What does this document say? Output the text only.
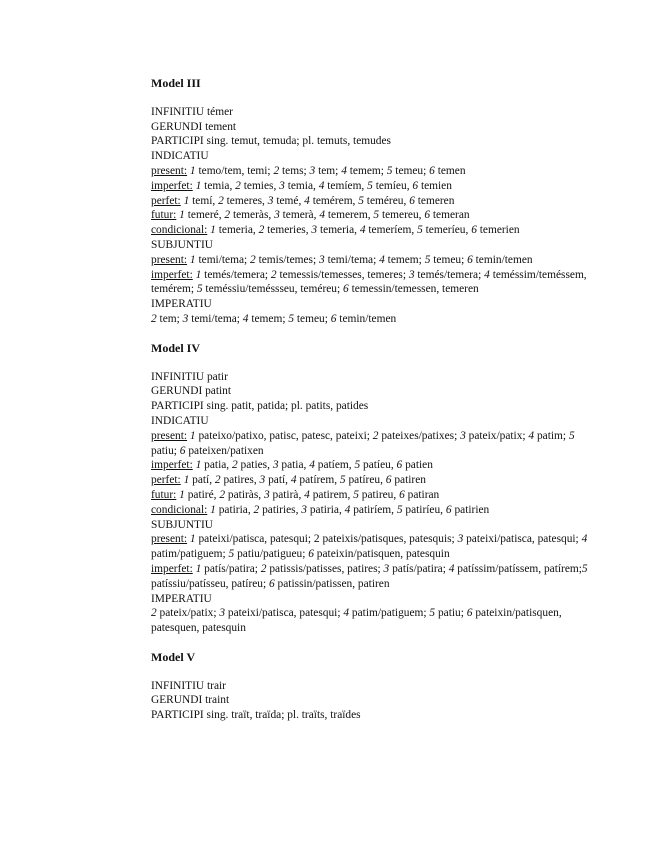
Model III
INFINITIU témer
GERUNDI tement
PARTICIPI sing. temut, temuda; pl. temuts, temudes
INDICATIU
present: 1 temo/tem, temi; 2 tems; 3 tem; 4 temem; 5 temeu; 6 temen
imperfet: 1 temia, 2 temies, 3 temia, 4 temíem, 5 temíeu, 6 temien
perfet: 1 temí, 2 temeres, 3 temé, 4 temérem, 5 teméreu, 6 temeren
futur: 1 temeré, 2 temeràs, 3 temerà, 4 temerem, 5 temereu, 6 temeran
condicional: 1 temeria, 2 temeries, 3 temeria, 4 temeríem, 5 temeríeu, 6 temerien
SUBJUNTIU
present: 1 temi/tema; 2 temis/temes; 3 temi/tema; 4 temem; 5 temeu; 6 temin/temen
imperfet: 1 temés/temera; 2 temessis/temesses, temeres; 3 temés/temera; 4 teméssim/teméssem, temérem; 5 teméssiu/teméssseu, teméreu; 6 temessin/temessen, temeren
IMPERATIU
2 tem; 3 temi/tema; 4 temem; 5 temeu; 6 temin/temen
Model IV
INFINITIU patir
GERUNDI patint
PARTICIPI sing. patit, patida; pl. patits, patides
INDICATIU
present: 1 pateixo/patixo, patisc, patesc, pateixi; 2 pateixes/patixes; 3 pateix/patix; 4 patim; 5 patiu; 6 pateixen/patixen
imperfet: 1 patia, 2 paties, 3 patia, 4 patíem, 5 patíeu, 6 patien
perfet: 1 patí, 2 patires, 3 patí, 4 patírem, 5 patíreu, 6 patiren
futur: 1 patiré, 2 patiràs, 3 patirà, 4 patirem, 5 patireu, 6 patiran
condicional: 1 patiria, 2 patiries, 3 patiria, 4 patiríem, 5 patiríeu, 6 patirien
SUBJUNTIU
present: 1 pateixi/patisca, patesqui; 2 pateixis/patisques, patesquis; 3 pateixi/patisca, patesqui; 4 patim/patiguem; 5 patiu/patigueu; 6 pateixin/patisquen, patesquin
imperfet: 1 patís/patira; 2 patissis/patisses, patires; 3 patís/patira; 4 patíssim/patíssem, patírem;5 patíssiu/patísseu, patíreu; 6 patissin/patissen, patiren
IMPERATIU
2 pateix/patix; 3 pateixi/patisca, patesqui; 4 patim/patiguem; 5 patiu; 6 pateixin/patisquen, patesquen, patesquin
Model V
INFINITIU trair
GERUNDI traint
PARTICIPI sing. traït, traïda; pl. traïts, traïdes
